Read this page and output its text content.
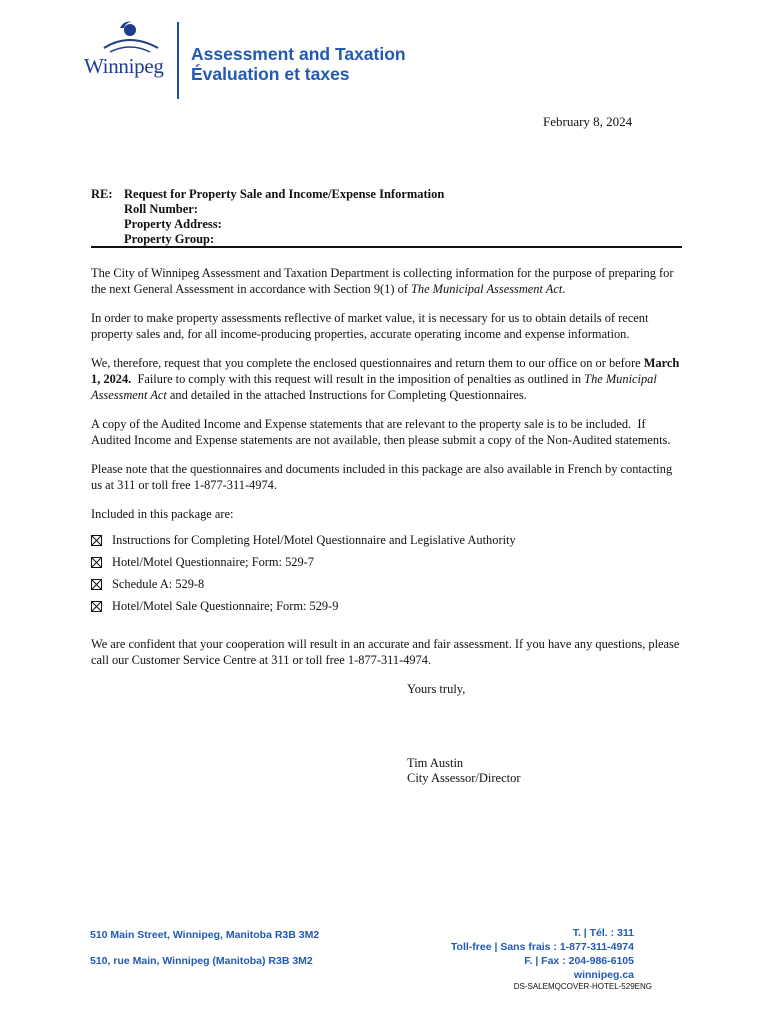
Winnipeg Assessment and Taxation
Évaluation et taxes
February 8, 2024
RE: Request for Property Sale and Income/Expense Information
Roll Number:
Property Address:
Property Group:

The City of Winnipeg Assessment and Taxation Department is collecting information for the purpose of preparing for the next General Assessment in accordance with Section 9(1) of The Municipal Assessment Act.

In order to make property assessments reflective of market value, it is necessary for us to obtain details of recent property sales and, for all income-producing properties, accurate operating income and expense information.

We, therefore, request that you complete the enclosed questionnaires and return them to our office on or before March 1, 2024.  Failure to comply with this request will result in the imposition of penalties as outlined in The Municipal Assessment Act and detailed in the attached Instructions for Completing Questionnaires.

A copy of the Audited Income and Expense statements that are relevant to the property sale is to be included.  If Audited Income and Expense statements are not available, then please submit a copy of the Non-Audited statements.

Please note that the questionnaires and documents included in this package are also available in French by contacting us at 311 or toll free 1-877-311-4974.

Included in this package are:

Instructions for Completing Hotel/Motel Questionnaire and Legislative Authority
Hotel/Motel Questionnaire; Form: 529-7
Schedule A: 529-8
Hotel/Motel Sale Questionnaire; Form: 529-9

We are confident that your cooperation will result in an accurate and fair assessment. If you have any questions, please call our Customer Service Centre at 311 or toll free 1-877-311-4974.

Yours truly,
Tim Austin
City Assessor/Director
510 Main Street, Winnipeg, Manitoba R3B 3M2
510, rue Main, Winnipeg (Manitoba) R3B 3M2
T. | Tél. : 311
Toll-free | Sans frais : 1-877-311-4974
F. | Fax : 204-986-6105
winnipeg.ca
DS-SALEMQCOVER-HOTEL-529ENG
